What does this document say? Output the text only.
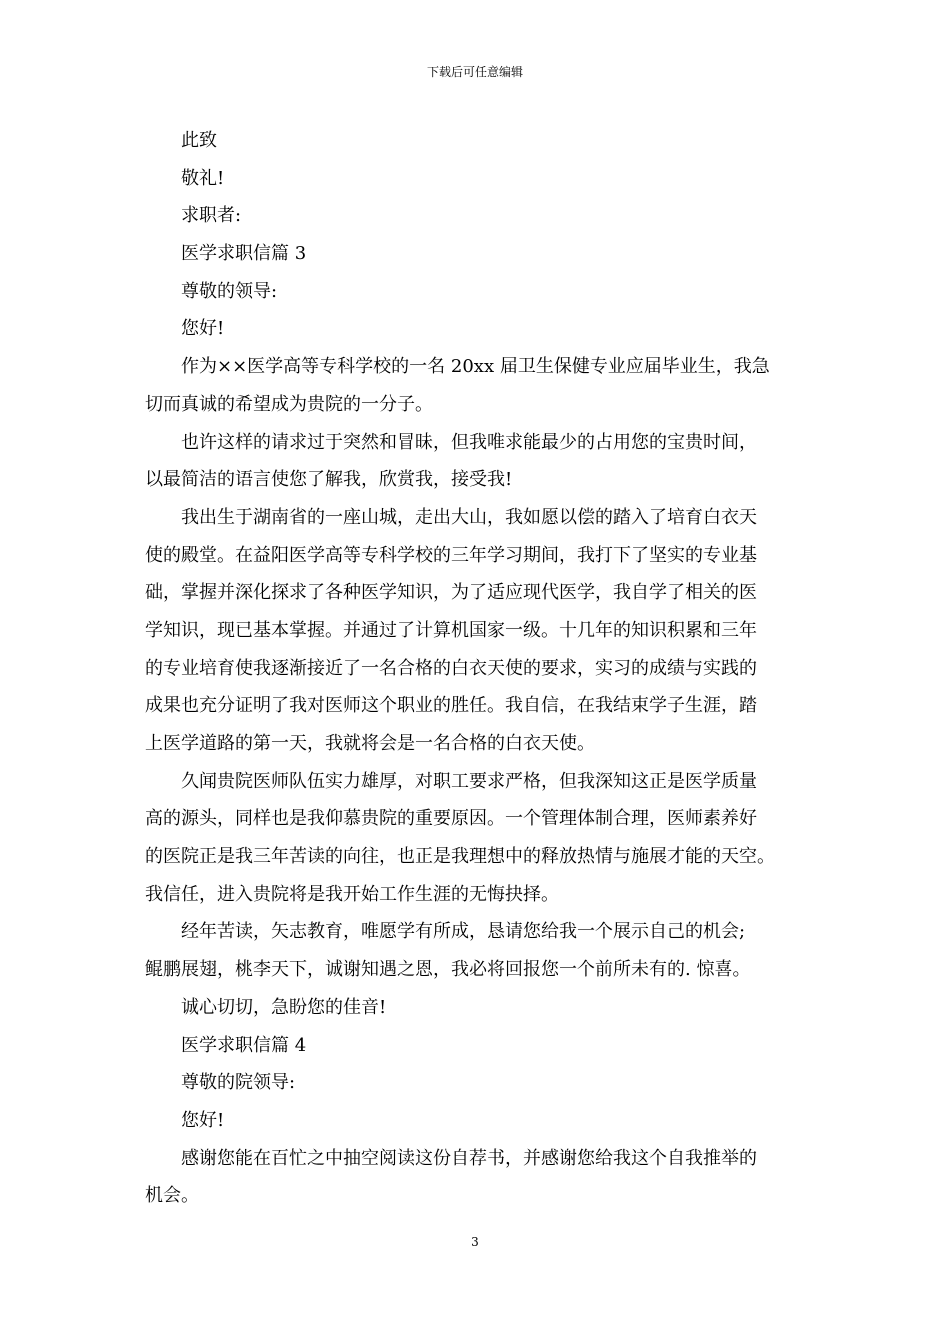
下载后可任意编辑
此致
敬礼!
求职者:
医学求职信篇 3
尊敬的领导:
您好!
作为××医学高等专科学校的一名 20xx 届卫生保健专业应届毕业生，我急
切而真诚的希望成为贵院的一分子。
也许这样的请求过于突然和冒昧，但我唯求能最少的占用您的宝贵时间，
以最简洁的语言使您了解我，欣赏我，接受我!
我出生于湖南省的一座山城，走出大山，我如愿以偿的踏入了培育白衣天
使的殿堂。在益阳医学高等专科学校的三年学习期间，我打下了坚实的专业基
础，掌握并深化探求了各种医学知识，为了适应现代医学，我自学了相关的医
学知识，现已基本掌握。并通过了计算机国家一级。十几年的知识积累和三年
的专业培育使我逐渐接近了一名合格的白衣天使的要求，实习的成绩与实践的
成果也充分证明了我对医师这个职业的胜任。我自信，在我结束学子生涯，踏
上医学道路的第一天，我就将会是一名合格的白衣天使。
久闻贵院医师队伍实力雄厚，对职工要求严格，但我深知这正是医学质量
高的源头，同样也是我仰慕贵院的重要原因。一个管理体制合理，医师素养好
的医院正是我三年苦读的向往，也正是我理想中的释放热情与施展才能的天空。
我信任，进入贵院将是我开始工作生涯的无悔抉择。
经年苦读，矢志教育，唯愿学有所成，恳请您给我一个展示自己的机会;
鲲鹏展翅，桃李天下，诚谢知遇之恩，我必将回报您一个前所未有的. 惊喜。
诚心切切，急盼您的佳音!
医学求职信篇 4
尊敬的院领导:
您好!
感谢您能在百忙之中抽空阅读这份自荐书，并感谢您给我这个自我推举的
机会。
3
